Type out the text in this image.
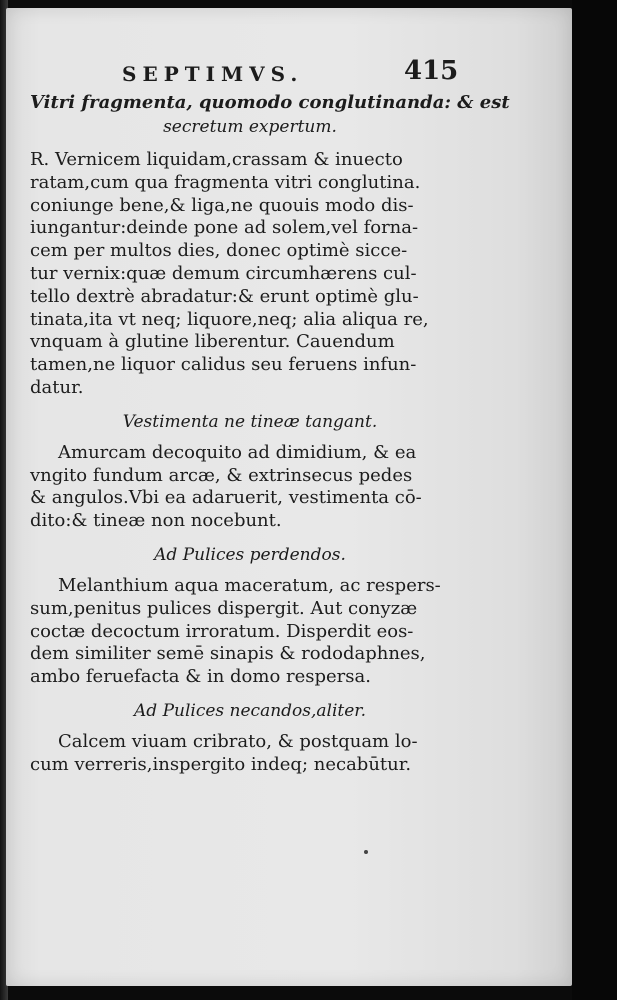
SEPTIMVS.	415

Vitri fragmenta, quomodo conglutinanda: & est

secretum expertum.

R. Vernicem liquidam,crassam & inuecto
ratam,cum qua fragmenta vitri conglutina.
coniunge bene,& liga,ne quouis modo dis-
iungantur:deinde pone ad solem,vel forna-
cem per multos dies, donec optimè sicce-
tur vernix:quæ demum circumhærens cul-
tello dextrè abradatur:& erunt optimè glu-
tinata,ita vt neq; liquore,neq; alia aliqua re,
vnquam à glutine liberentur. Cauendum
tamen,ne liquor calidus seu feruens infun-
datur.

Vestimenta ne tineæ tangant.

Amurcam decoquito ad dimidium, & ea
vngito fundum arcæ, & extrinsecus pedes
& angulos.Vbi ea adaruerit, vestimenta cō-
dito:& tineæ non nocebunt.

Ad Pulices perdendos.

Melanthium aqua maceratum, ac respers-
sum,penitus pulices dispergit. Aut conyzæ
coctæ decoctum irroratum. Disperdit eos-
dem similiter semē sinapis & rododaphnes,
ambo feruefacta & in domo respersa.

Ad Pulices necandos,aliter.

Calcem viuam cribrato, & postquam lo-
cum verreris,inspergito indeq; necabūtur.
